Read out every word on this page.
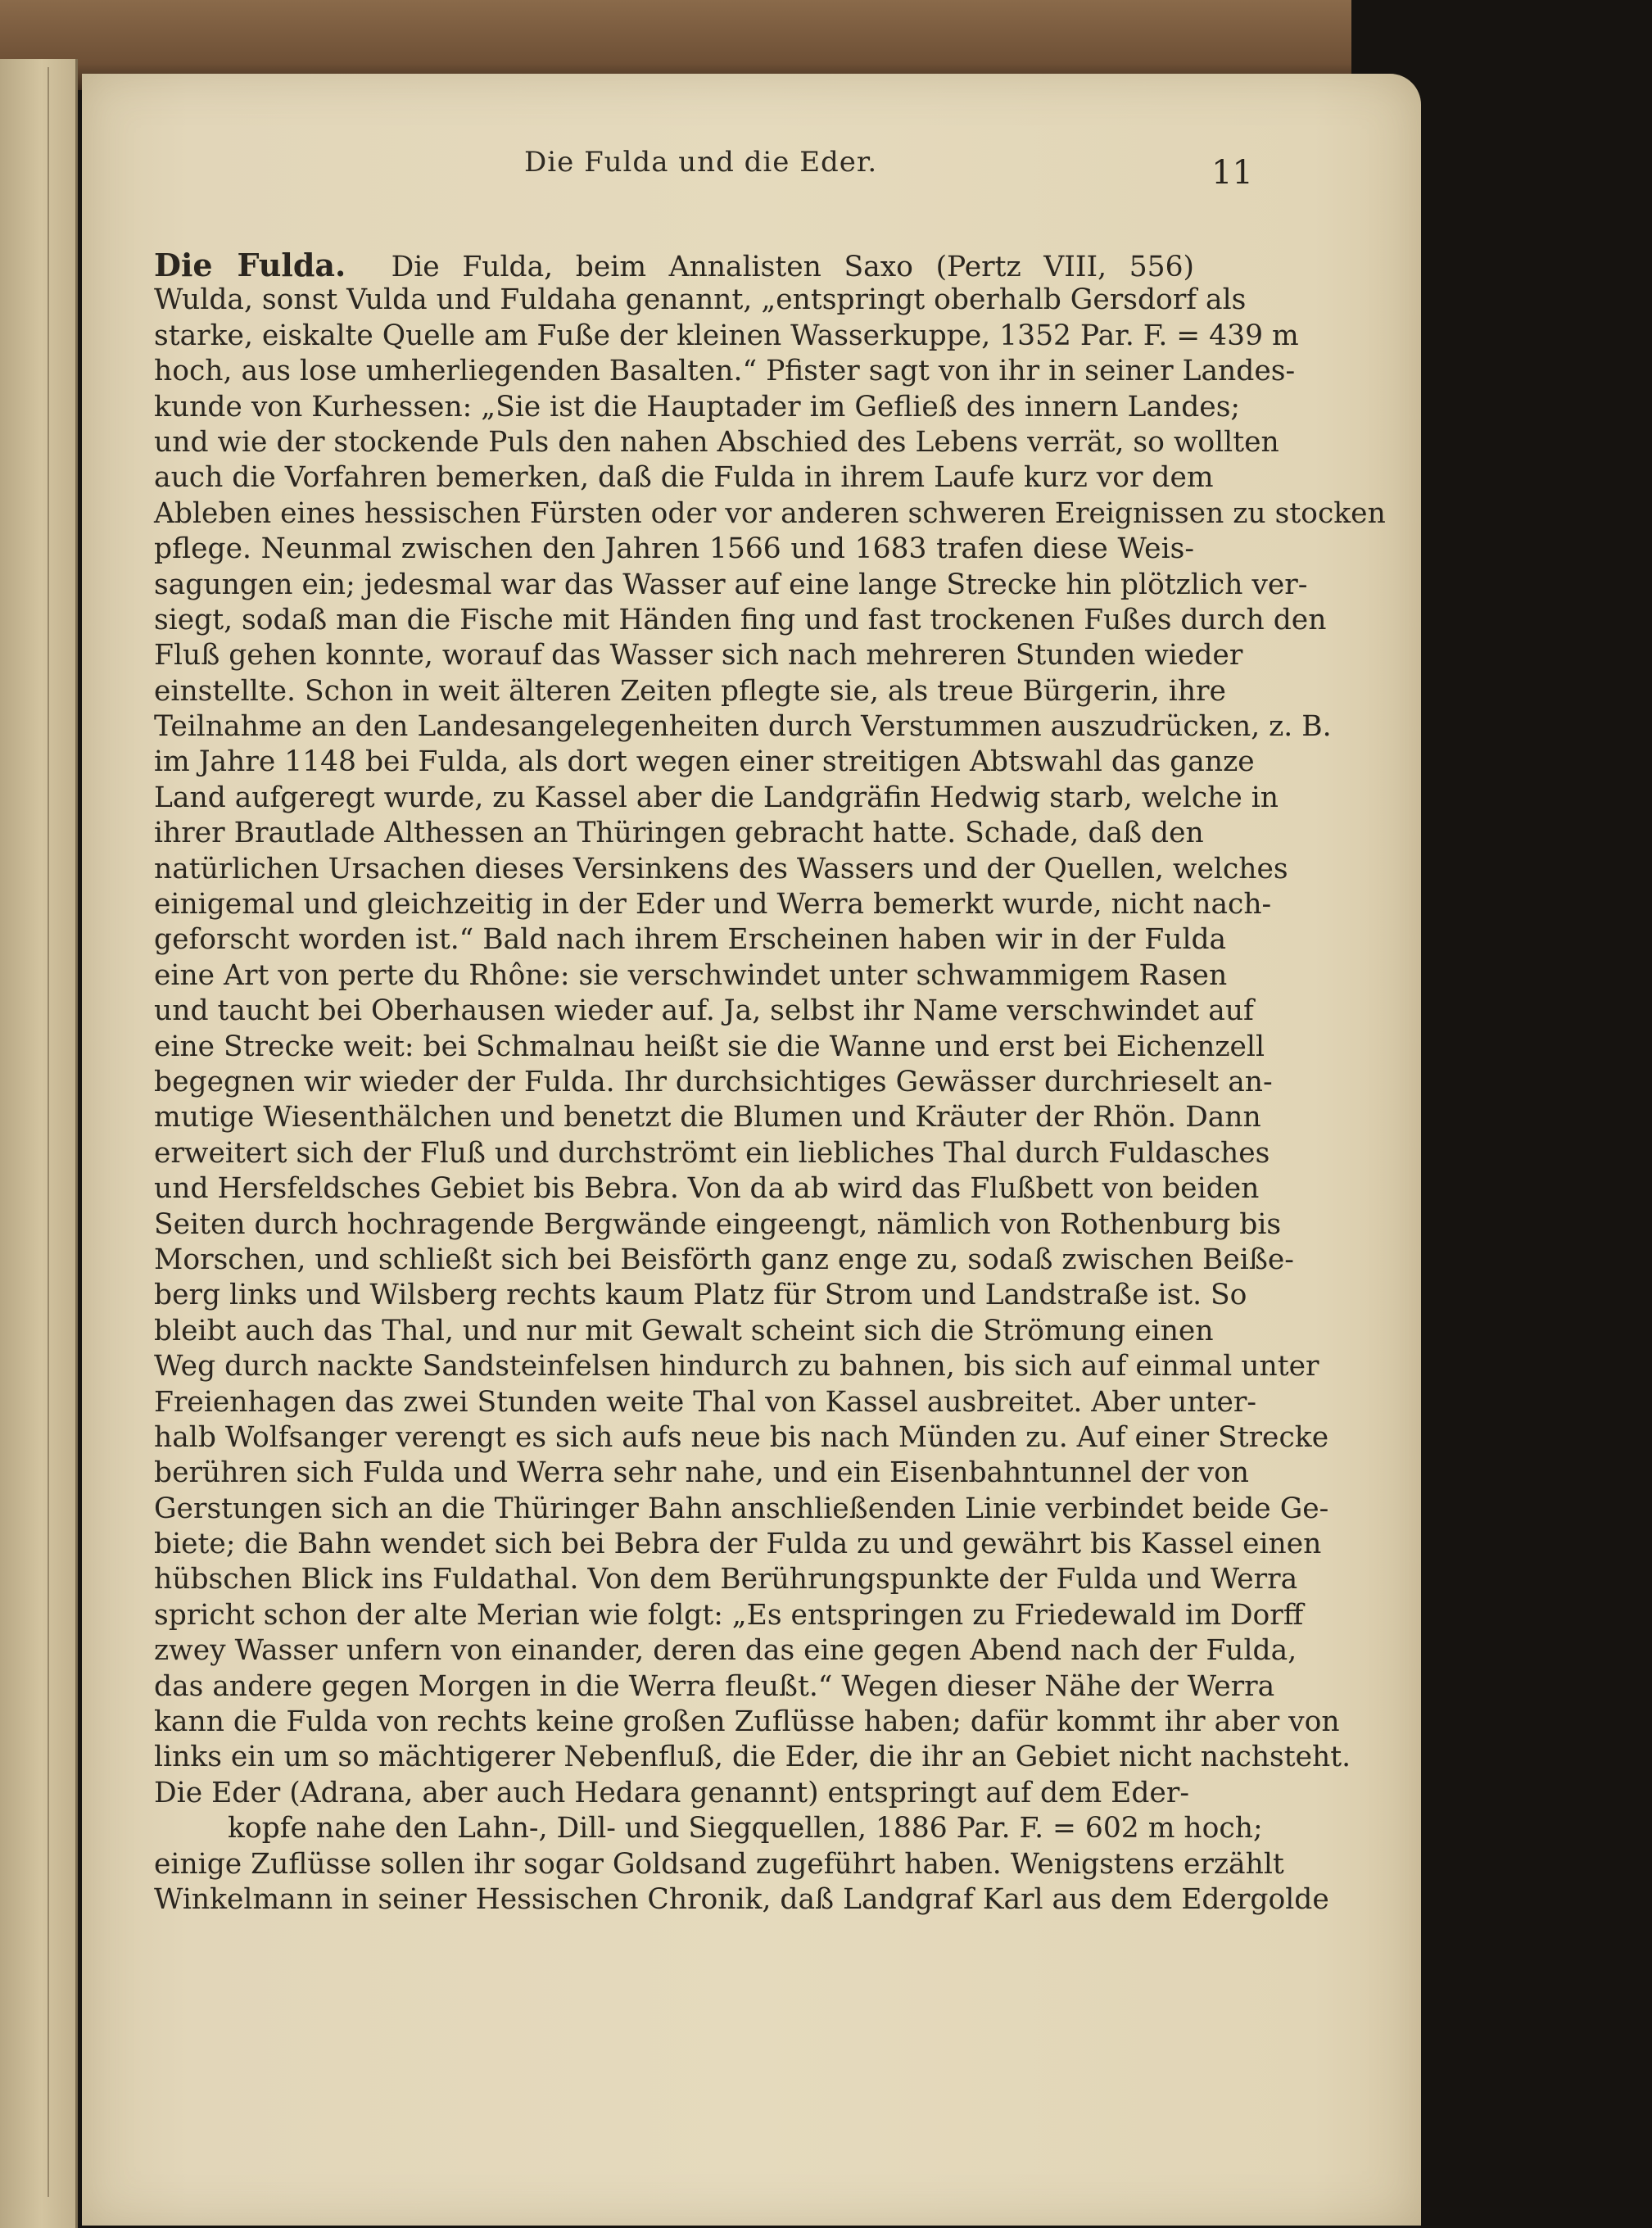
Die Fulda und die Eder.	11
Die Fulda. Die Fulda, beim Annalisten Saxo (Pertz VIII, 556)
Wulda, sonst Vulda und Fuldaha genannt, „entspringt oberhalb Gersdorf als
starke, eiskalte Quelle am Fuße der kleinen Wasserkuppe, 1352 Par. F. = 439 m
hoch, aus lose umherliegenden Basalten.“ Pfister sagt von ihr in seiner Landes-
kunde von Kurhessen: „Sie ist die Hauptader im Gefließ des innern Landes;
und wie der stockende Puls den nahen Abschied des Lebens verrät, so wollten
auch die Vorfahren bemerken, daß die Fulda in ihrem Laufe kurz vor dem
Ableben eines hessischen Fürsten oder vor anderen schweren Ereignissen zu stocken
pflege. Neunmal zwischen den Jahren 1566 und 1683 trafen diese Weis-
sagungen ein; jedesmal war das Wasser auf eine lange Strecke hin plötzlich ver-
siegt, sodaß man die Fische mit Händen fing und fast trockenen Fußes durch den
Fluß gehen konnte, worauf das Wasser sich nach mehreren Stunden wieder
einstellte. Schon in weit älteren Zeiten pflegte sie, als treue Bürgerin, ihre
Teilnahme an den Landesangelegenheiten durch Verstummen auszudrücken, z. B.
im Jahre 1148 bei Fulda, als dort wegen einer streitigen Abtswahl das ganze
Land aufgeregt wurde, zu Kassel aber die Landgräfin Hedwig starb, welche in
ihrer Brautlade Althessen an Thüringen gebracht hatte. Schade, daß den
natürlichen Ursachen dieses Versinkens des Wassers und der Quellen, welches
einigemal und gleichzeitig in der Eder und Werra bemerkt wurde, nicht nach-
geforscht worden ist.“ Bald nach ihrem Erscheinen haben wir in der Fulda
eine Art von perte du Rhône: sie verschwindet unter schwammigem Rasen
und taucht bei Oberhausen wieder auf. Ja, selbst ihr Name verschwindet auf
eine Strecke weit: bei Schmalnau heißt sie die Wanne und erst bei Eichenzell
begegnen wir wieder der Fulda. Ihr durchsichtiges Gewässer durchrieselt an-
mutige Wiesenthälchen und benetzt die Blumen und Kräuter der Rhön. Dann
erweitert sich der Fluß und durchströmt ein liebliches Thal durch Fuldasches
und Hersfeldsches Gebiet bis Bebra. Von da ab wird das Flußbett von beiden
Seiten durch hochragende Bergwände eingeengt, nämlich von Rothenburg bis
Morschen, und schließt sich bei Beisförth ganz enge zu, sodaß zwischen Beiße-
berg links und Wilsberg rechts kaum Platz für Strom und Landstraße ist. So
bleibt auch das Thal, und nur mit Gewalt scheint sich die Strömung einen
Weg durch nackte Sandsteinfelsen hindurch zu bahnen, bis sich auf einmal unter
Freienhagen das zwei Stunden weite Thal von Kassel ausbreitet. Aber unter-
halb Wolfsanger verengt es sich aufs neue bis nach Münden zu. Auf einer Strecke
berühren sich Fulda und Werra sehr nahe, und ein Eisenbahntunnel der von
Gerstungen sich an die Thüringer Bahn anschließenden Linie verbindet beide Ge-
biete; die Bahn wendet sich bei Bebra der Fulda zu und gewährt bis Kassel einen
hübschen Blick ins Fuldathal. Von dem Berührungspunkte der Fulda und Werra
spricht schon der alte Merian wie folgt: „Es entspringen zu Friedewald im Dorff
zwey Wasser unfern von einander, deren das eine gegen Abend nach der Fulda,
das andere gegen Morgen in die Werra fleußt.“ Wegen dieser Nähe der Werra
kann die Fulda von rechts keine großen Zuflüsse haben; dafür kommt ihr aber von
links ein um so mächtigerer Nebenfluß, die Eder, die ihr an Gebiet nicht nachsteht.
Die Eder (Adrana, aber auch Hedara genannt) entspringt auf dem Eder-
kopfe nahe den Lahn-, Dill- und Siegquellen, 1886 Par. F. = 602 m hoch;
einige Zuflüsse sollen ihr sogar Goldsand zugeführt haben. Wenigstens erzählt
Winkelmann in seiner Hessischen Chronik, daß Landgraf Karl aus dem Edergolde
